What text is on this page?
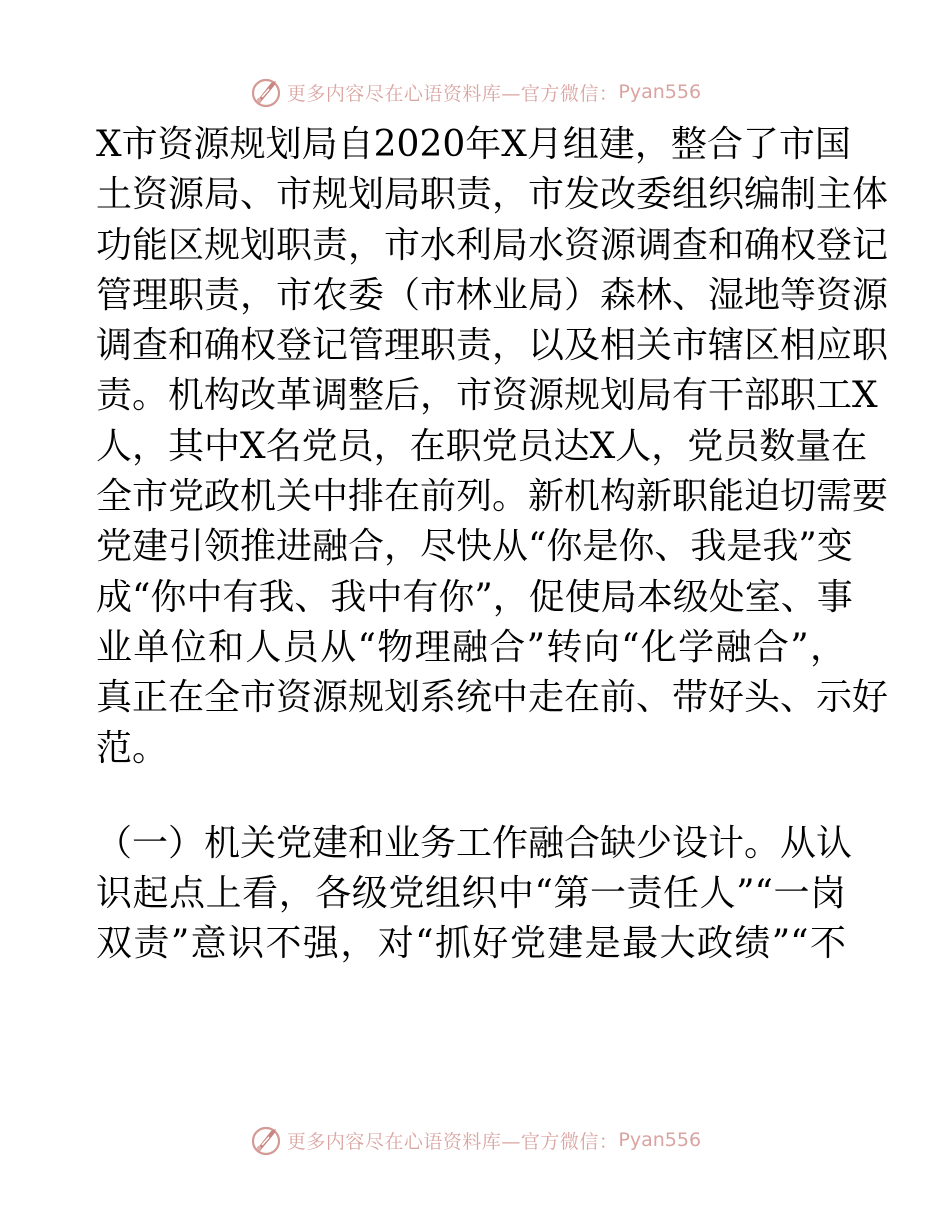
更多内容尽在心语资料库—官方微信： Pyan556
X市资源规划局自2020年X月组建，整合了市国
土资源局、市规划局职责，市发改委组织编制主体
功能区规划职责，市水利局水资源调查和确权登记
管理职责，市农委（市林业局）森林、湿地等资源
调查和确权登记管理职责，以及相关市辖区相应职
责。机构改革调整后，市资源规划局有干部职工X
人，其中X名党员，在职党员达X人，党员数量在
全市党政机关中排在前列。新机构新职能迫切需要
党建引领推进融合，尽快从“你是你、我是我”变
成“你中有我、我中有你”，促使局本级处室、事
业单位和人员从“物理融合”转向“化学融合”，
真正在全市资源规划系统中走在前、带好头、示好
范。
（一）机关党建和业务工作融合缺少设计。从认
识起点上看，各级党组织中“第一责任人”“一岗
双责”意识不强，对“抓好党建是最大政绩”“不
更多内容尽在心语资料库—官方微信： Pyan556
